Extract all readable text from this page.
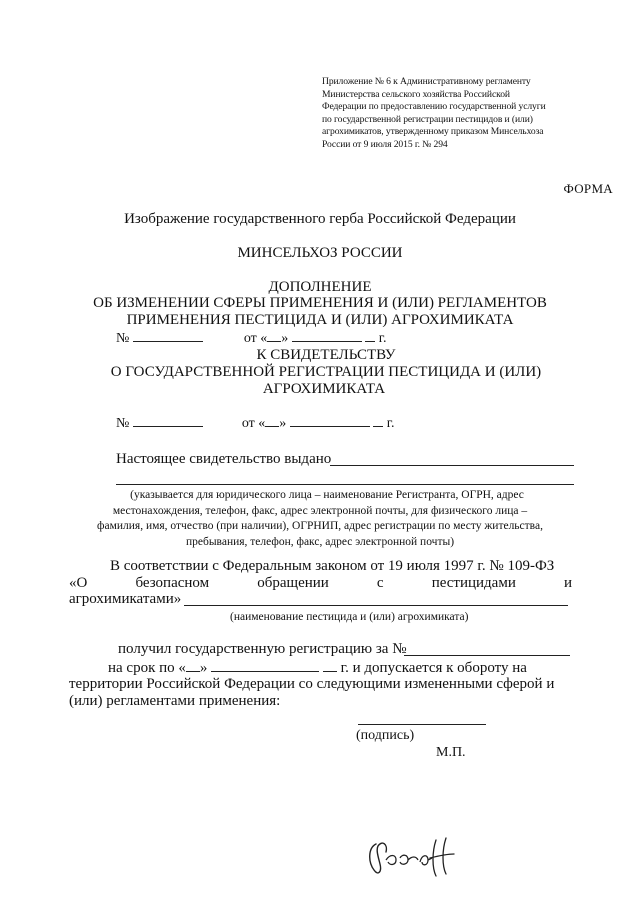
Приложение № 6 к Административному регламенту
Министерства сельского хозяйства Российской
Федерации по предоставлению государственной услуги
по государственной регистрации пестицидов и (или)
агрохимикатов, утвержденному приказом Минсельхоза
России от 9 июля 2015 г. № 294
ФОРМА
Изображение государственного герба Российской Федерации
МИНСЕЛЬХОЗ РОССИИ
ДОПОЛНЕНИЕ
ОБ ИЗМЕНЕНИИ СФЕРЫ ПРИМЕНЕНИЯ И (ИЛИ) РЕГЛАМЕНТОВ
ПРИМЕНЕНИЯ ПЕСТИЦИДА И (ИЛИ) АГРОХИМИКАТА
№	от « »	г.
К СВИДЕТЕЛЬСТВУ
О ГОСУДАРСТВЕННОЙ РЕГИСТРАЦИИ ПЕСТИЦИДА И (ИЛИ)
АГРОХИМИКАТА
№	от « »	г.
Настоящее свидетельство выдано
(указывается для юридического лица – наименование Регистранта, ОГРН, адрес
местонахождения, телефон, факс, адрес электронной почты, для физического лица –
фамилия, имя, отчество (при наличии), ОГРНИП, адрес регистрации по месту жительства,
пребывания, телефон, факс, адрес электронной почты)
В соответствии с Федеральным законом от 19 июля 1997 г. № 109-ФЗ
«О	безопасном	обращении	с	пестицидами	и
агрохимикатами»
(наименование пестицида и (или) агрохимиката)
получил государственную регистрацию за №
на срок по « »	г. и допускается к обороту на
территории Российской Федерации со следующими измененными сферой и
(или) регламентами применения:
(подпись)
М.П.
